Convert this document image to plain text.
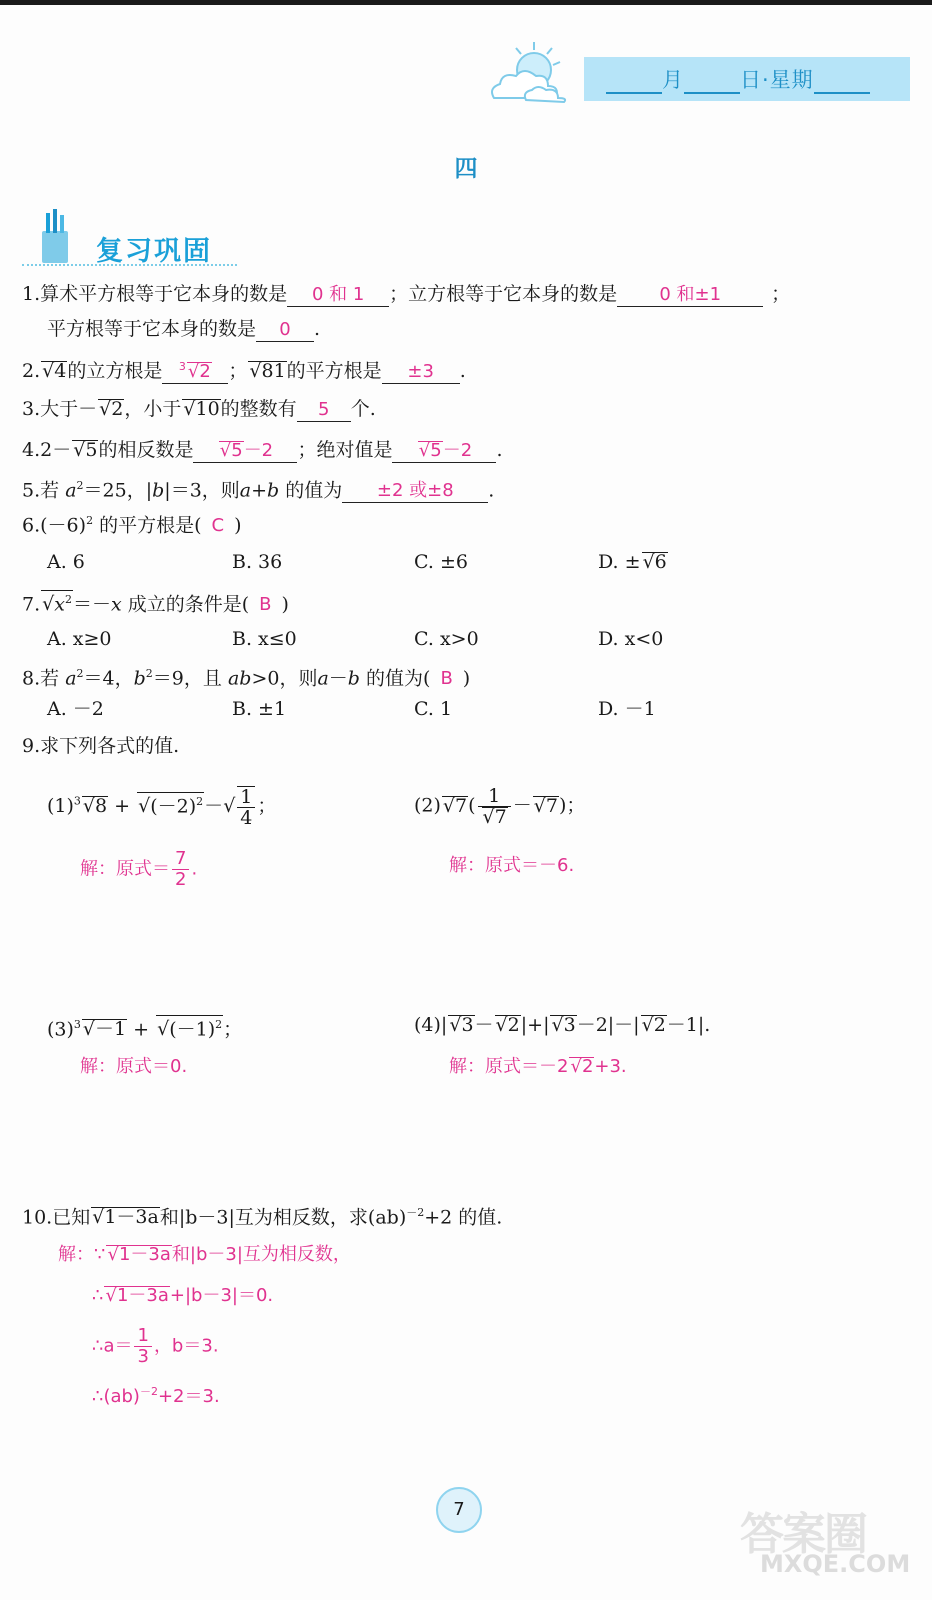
月	日·星期
四
复习巩固
1.算术平方根等于它本身的数是 0 和 1 ；立方根等于它本身的数是 0 和±1	；
平方根等于它本身的数是 0 .
2.√ 4的立方根是 $^3$√ 2 ；√ 81的平方根是 ±3 .
3.大于－√ 2，小于√ 10的整数有 5 个.
4.2－√ 5的相反数是√ 5－2 ；绝对值是√ 5－2 .
5.若 $a^2=25$，|b|＝3，则a+b 的值为 ±2 或±8 .
$6.(-6)^2$ 的平方根是( C )
A. 6	B. 36	C. ±6	D. ±√ 6
7.√ $x^2=-x$ 成立的条件是( B )
A. x≥0	B. x≤0	C. x>0	D. x<0
8.若 $a^2=4$，$b^2=9$，且 ab>0，则a－b 的值为( B )
A. －2	B. ±1	C. 1	D. －1
9.求下列各式的值.
$(1)^3√$ 8 + √ $(-2)^2-√ \frac{1}{4}$ ；
解：原式＝ $\frac{7}{2}$ .
(2)√ 7( 1
√ 7 －√ 7)；
解：原式＝－6.
$(3)^3√ -1$ + √ $(-1)^2$；
解：原式＝0.
(4)|√ 3－√ 2|+|√ 3－2|－|√ 2－1|.
解：原式＝－2√ 2+3.
10.已知√ 1－3a和|b－3|互为相反数，求(ab)$^{-2}$+2 的值.
解：∵√ 1－3a和|b－3|互为相反数，
∴√ 1－3a+|b－3|＝0.
∴a＝ $\frac{1}{3}$ ，b＝3.
∴(ab)$^{-2}$+2＝3.
7	答案圈
MXQE.COM
